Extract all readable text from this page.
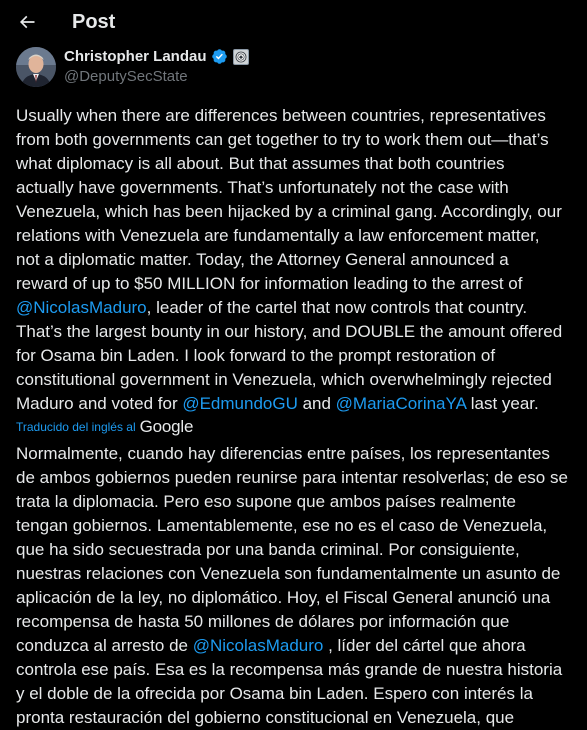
Post
Christopher Landau
@DeputySecState
Usually when there are differences between countries, representatives
from both governments can get together to try to work them out—that’s
what diplomacy is all about. But that assumes that both countries
actually have governments. That’s unfortunately not the case with
Venezuela, which has been hijacked by a criminal gang. Accordingly, our
relations with Venezuela are fundamentally a law enforcement matter,
not a diplomatic matter. Today, the Attorney General announced a
reward of up to $50 MILLION for information leading to the arrest of
@NicolasMaduro, leader of the cartel that now controls that country.
That’s the largest bounty in our history, and DOUBLE the amount offered
for Osama bin Laden. I look forward to the prompt restoration of
constitutional government in Venezuela, which overwhelmingly rejected
Maduro and voted for @EdmundoGU and @MariaCorinaYA last year.
Traducido del inglés al Google
Normalmente, cuando hay diferencias entre países, los representantes
de ambos gobiernos pueden reunirse para intentar resolverlas; de eso se
trata la diplomacia. Pero eso supone que ambos países realmente
tengan gobiernos. Lamentablemente, ese no es el caso de Venezuela,
que ha sido secuestrada por una banda criminal. Por consiguiente,
nuestras relaciones con Venezuela son fundamentalmente un asunto de
aplicación de la ley, no diplomático. Hoy, el Fiscal General anunció una
recompensa de hasta 50 millones de dólares por información que
conduzca al arresto de @NicolasMaduro , líder del cártel que ahora
controla ese país. Esa es la recompensa más grande de nuestra historia
y el doble de la ofrecida por Osama bin Laden. Espero con interés la
pronta restauración del gobierno constitucional en Venezuela, que
